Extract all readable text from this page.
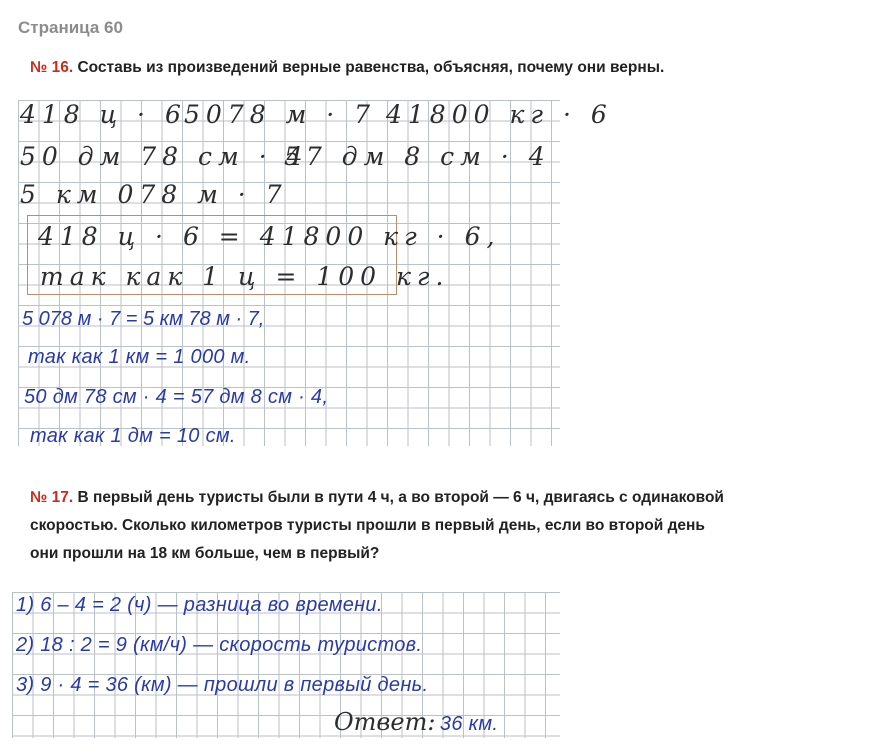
Страница 60
№ 16. Составь из произведений верные равенства, объясняя, почему они верны.
418 ц · 6
5078 м · 7 41800 кг · 6
50 дм 78 см · 4
57 дм 8 см · 4
5 км 078 м · 7
418 ц · 6 = 41800 кг · 6,
так как 1 ц = 100 кг.
5 078 м · 7 = 5 км 78 м · 7,
так как 1 км = 1 000 м.
50 дм 78 см · 4 = 57 дм 8 см · 4,
так как 1 дм = 10 см.
№ 17. В первый день туристы были в пути 4 ч, а во второй — 6 ч, двигаясь с одинаковой
скоростью. Сколько километров туристы прошли в первый день, если во второй день
они прошли на 18 км больше, чем в первый?
1) 6 – 4 = 2 (ч) — разница во времени.
2) 18 : 2 = 9 (км/ч) — скорость туристов.
3) 9 · 4 = 36 (км) — прошли в первый день.
Ответ: 36 км.
